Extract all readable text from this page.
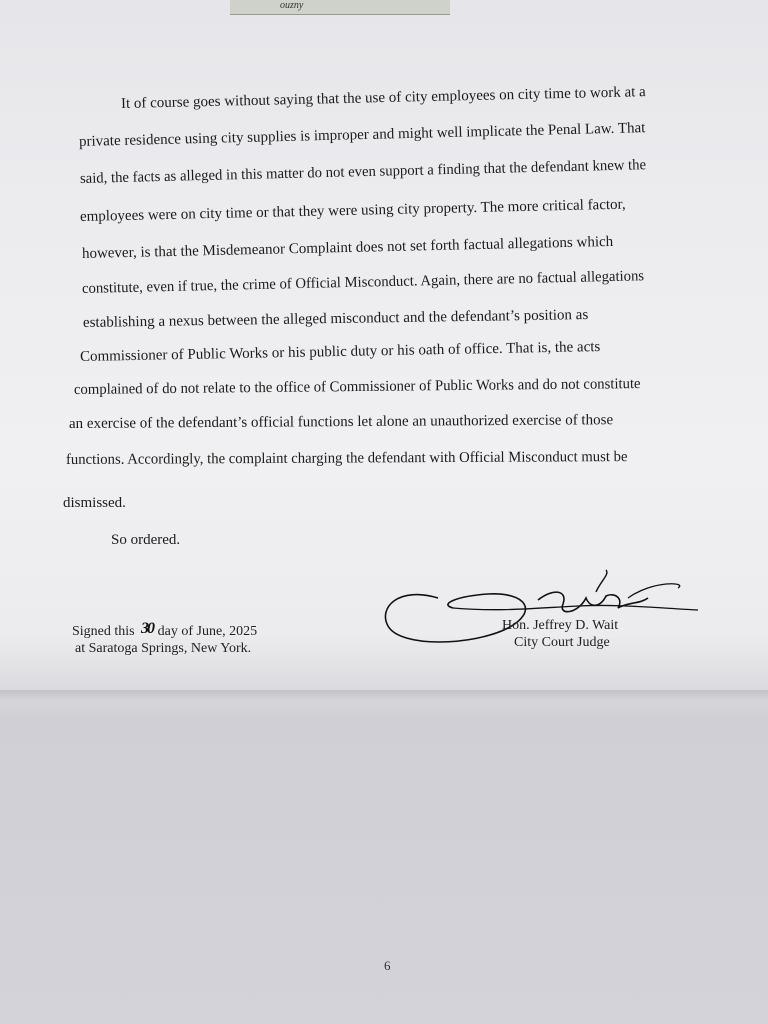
ouzny
It of course goes without saying that the use of city employees on city time to work at a
private residence using city supplies is improper and might well implicate the Penal Law. That
said, the facts as alleged in this matter do not even support a finding that the defendant knew the
employees were on city time or that they were using city property. The more critical factor,
however, is that the Misdemeanor Complaint does not set forth factual allegations which
constitute, even if true, the crime of Official Misconduct. Again, there are no factual allegations
establishing a nexus between the alleged misconduct and the defendant’s position as
Commissioner of Public Works or his public duty or his oath of office. That is, the acts
complained of do not relate to the office of Commissioner of Public Works and do not constitute
an exercise of the defendant’s official functions let alone an unauthorized exercise of those
functions. Accordingly, the complaint charging the defendant with Official Misconduct must be
dismissed.
So ordered.
Signed this day of June, 2025
at Saratoga Springs, New York.
30	Hon. Jeffrey D. Wait
City Court Judge
6
